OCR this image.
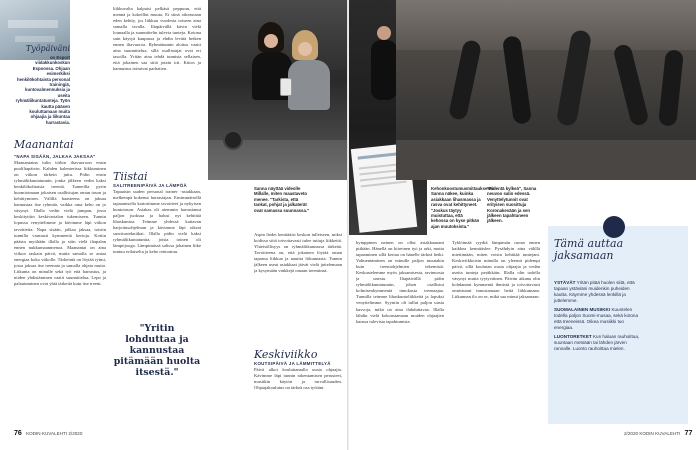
Työpäiväni
on Esport viidakkunkoskun Espoossa. Ohjaan esimerkiksi henkilökohtaista personal trainingiä, kuntovalmennuksia ja useita ryhmäliikuntatunteja. Työn kautta pääsen kouluttamaan muita ohjaajia ja liikuntaa harrastavia.
Maanantai
"NAPA SISÄÄN, JALKAA JAKSAA"
Maanantaina tulin töihin iltavuoroon ensin puoliltapäivin. Kahden kalenterissa liikkuminen on viikon tärkein juttu. Pidin ensin ryhmäliikuntatunnin, jonka jälkeen vedin kaksi henkilökohtaista treeniä. Tunneilla pyrin huomioimaan jokaisen osallistujan oman tason ja kehittymisen. Välillä haasteena on jaksaa kannustaa itse ryhmää, vaikka oma keho on jo väsynyt. Illalla vedin vielä jumpan, jossa keskityttiin keskivartalon tukemiseen. Tunnin lopussa venyttelimme ja kävimme läpi viikon tavoitteita. Napa sisään, jalkaa jaksaa, toistin tunnilla varmasti kymmeniä kertoja. Kotiin pääsin myöhään illalla ja söin vielä iltapalan ennen nukkumaanmenoa. Maanantai on aina viikon raskain päivä, mutta samalla se antaa energiaa koko viikolle. Tärkeintä on löytää rytmi, jossa jaksaa itse treenata ja samalla ohjata muita. Liikunta on minulle sekä työ että harrastus, ja niiden yhdistäminen vaatii suunnittelua. Lepo ja palautuminen ovat yhtä tärkeitä kuin itse treeni.
liikkuvalta kalpaisi pelkäsä peppuun, että mennä ja kokeillut muuta. Ei siinä oikeastaan eden kehity, jos liikkuu vuodesta toiseen aina samalla tavalla. Iltapäivällä kävin vielä lounaalla ja suunnittelin tulevia tunteja. Kotona sain käytyä kaupassa ja ehdin levätä hetken ennen iltavuoroa. Ryhmätunnin aloitus vaatii aina suunnittelua, sillä osallistujat ovat eri tasoilla. Yritän aina tehdä tunnista sellaisen, että jokainen saa siitä jotain irti. Kiitos ja kannustus toimivat parhaiten.
Tiistai
SALITREENIPÄIVÄ JA LÄMPÖÄ
Tapaaisin uuden personal trainer -asiakkaan, melkeinpä kokenut harrastajan. Ensimmäisellä tapaamisella kartoitimme tavoitteet ja nykyisen kuntotason. Asiakas oli aiemmin harrastanut paljon juoksua ja halusi nyt kehittää lihaskuntoa. Teimme yhdessä kattavan harjoitusohjelman ja kävimme läpi oikeat suoritustekniikat. Illalla pidin vielä kaksi ryhmäliikuntatuntia, joista toinen oli lämpöjooga. Lämpimässä salissa jokainen liike tuntuu erilaiselta ja keho rentoutuu.
"Yritin lohduttaa ja kannustaa pitämään huolta itsestä."
Sanna näyttää videolle Millalle, miten maastaveto menee. "Tarkista, että tankat, pohjat ja jalkaterät ovat samassa suunnassa."
Aspin liedet kenttääisi keskon tulleiseen, miksi kodissa siitä toivottavasti tulee tuttuja liikkeitä. Yhteisöllisyys on ryhmäliikunnassa tärkeää. Tavoitteena on, että jokainen löytää oman tapansa liikkua ja nauttia liikunnasta. Tunnin jälkeen useat asiakkaat jäivät vielä juttelemaan ja kysymään vinkkejä omaan treeniinsä.
Keskiviikko
KOUTSIPÄIVÄ JA LÄMMITTELYÄ
Päivä alkoi kouluttamalla uusia ohjaajia. Kävimme läpi tunnin rakentamisen perusteet, musiikin käytön ja turvallisuuden. Ohjaajakoulutus on tärkeä osa työtäni.
76 KODIN KUVALEHTI 2/2020
Kehonkoostumusmittauksessa Sanna näkee, kuinka asiakkaan lihasmassa ja rasva ovat kehittyneet. "Joskus täytyy muistuttaa, että kehossa on kyse pitkän ajan muutoksista."
"Pidentä kylkeä", Sanna neuvoo salin edessä. Venyttelytunnit ovat erityisen suosittuja Koronakevään ja sen jälkeen tapahtuneen jälkeen.
kymppinen nainen on ollut asiakkaanani pitkään. Hänellä on kiireinen työ ja arki, mutta tapaaminen sillä kertaa on hänelle tärkeä hetki. Valmentaminen on minulle paljon muutakin kuin treeniohjelmien tekemistä. Keskustelemme myös jaksamisesta, ravinnosta ja unesta. Iltapäivällä pidin ryhmäliikuntatunnin, johon osallistui kolmisenkymmentä innokasta treenaajaa. Tunnilla teimme lihaskuntoliikkeitä ja lopuksi venyttelimme. Syyniin oli tullut paljon uusia kasvoja, mikä on aina ilahduttavaa. Illalla lähdin vielä kokoustamaan muiden ohjaajien kanssa tulevista tapahtumista.
Tyklöimää ryydiä lämpimän ruoan ennen kaikkea kennitäslee. Pysähdyin aina välillä miettimään, miten voisin kehittää tuntejani. Keskiviikkoisin minulla on yleensä pidempi päivä, sillä koulutan uusia ohjaajia ja vedän useita tunteja peräkkäin. Illalla olin todella väsynyt mutta tyytyväinen. Päivän aikana olin kohdannut kymmeniä ihmisiä ja toivottavasti onnistunut innostamaan heitä liikkumaan. Liikunnan ilo on se, mikä saa minut jaksamaan.
Tämä auttaa jaksamaan

YSTÄVÄT Yritän pitää huolen siitä, että tapaan ystäviäni muidenkin puheiden kautta. Käymme yhdessä lenkillä ja juttelemme.

SUOMALAINEN MUSIIKKI Kuuntelen todella paljon Suomi-musaa, sekä kotona että treeneissä. Oikea musiikki tuo energiaa.

LUONTORETKET Kun haluan rauhoittua, suuntaan metsään tai lähden järven rannalle. Luonto rauhoittaa mielen.

2/2020 KODIN KUVALEHTI 77
